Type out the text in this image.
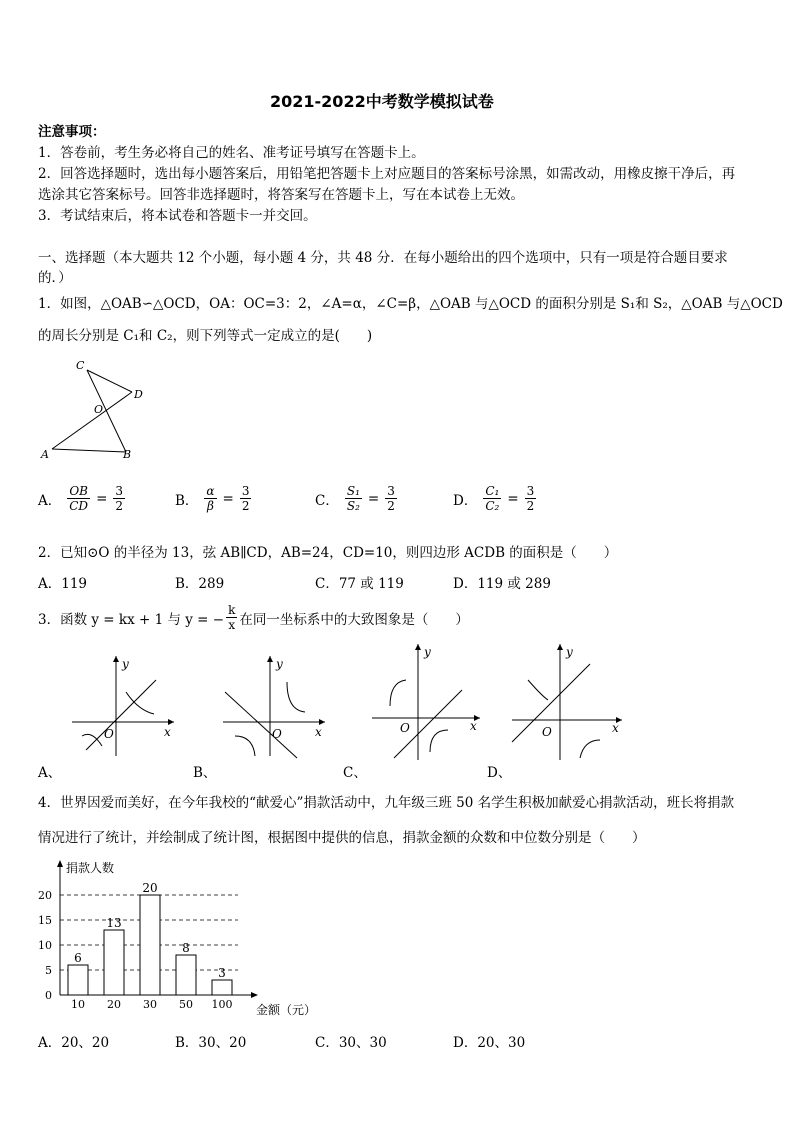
2021-2022中考数学模拟试卷
注意事项：
1．答卷前，考生务必将自己的姓名、准考证号填写在答题卡上。
2．回答选择题时，选出每小题答案后，用铅笔把答题卡上对应题目的答案标号涂黑，如需改动，用橡皮擦干净后，再
选涂其它答案标号。回答非选择题时，将答案写在答题卡上，写在本试卷上无效。
3．考试结束后，将本试卷和答题卡一并交回。
一、选择题（本大题共 12 个小题，每小题 4 分，共 48 分．在每小题给出的四个选项中，只有一项是符合题目要求
的．）
1．如图，△OAB∽△OCD，OA：OC=3：2，∠A=α，∠C=β，△OAB 与△OCD 的面积分别是 S₁和 S₂，△OAB 与△OCD
的周长分别是 C₁和 C₂，则下列等式一定成立的是(　　)
C
D
O
A	B
A． $\frac{OB}{CD} = \frac{3}{2}$	B． $\frac{\alpha}{\beta} = \frac{3}{2}$	C． $\frac{\text{S₁}}{\text{S₂}} = \frac{3}{2}$	D． $\frac{\text{C₁}}{\text{C₂}} = \frac{3}{2}$
2．已知⊙O 的半径为 13，弦 AB∥CD，AB=24，CD=10，则四边形 ACDB 的面积是（　　）
A．119	B．289	C．77 或 119	D．119 或 289
3．函数 y = kx + 1 与 y = − $\frac{k}{x}$ 在同一坐标系中的大致图象是（　　）
y
x
O
A、
y
x
O
B、
y
x
O
C、
y
x
O
D、
4．世界因爱而美好，在今年我校的“献爱心”捐款活动中，九年级三班 50 名学生积极加献爱心捐款活动，班长将捐款
情况进行了统计，并绘制成了统计图，根据图中提供的信息，捐款金额的众数和中位数分别是（　　）
捐款人数
金额（元）
0
5
10
15
20
6
10
13
20
20
30
8
50
3
100
A．20、20	B．30、20	C．30、30	D．20、30
